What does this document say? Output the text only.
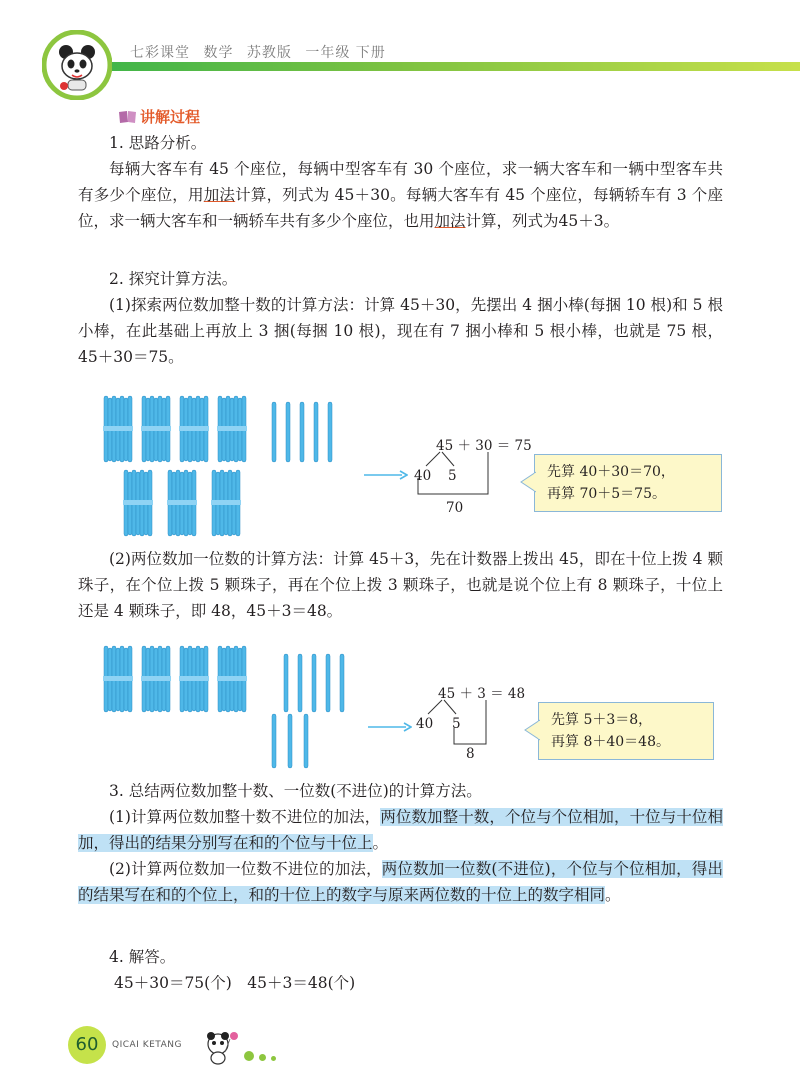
七彩课堂 数学 苏教版 一年级 下册
讲解过程

1. 思路分析。

每辆大客车有 45 个座位，每辆中型客车有 30 个座位，求一辆大客车和一辆中型客车共有多少个座位，用加法计算，列式为 45＋30。每辆大客车有 45 个座位，每辆轿车有 3 个座位，求一辆大客车和一辆轿车共有多少个座位，也用加法计算，列式为45＋3。

2. 探究计算方法。

(1)探索两位数加整十数的计算方法：计算 45＋30，先摆出 4 捆小棒(每捆 10 根)和 5 根小棒，在此基础上再放上 3 捆(每捆 10 根)，现在有 7 捆小棒和 5 根小棒，也就是 75 根，45＋30＝75。

45 ＋ 30 ＝ 75
40 5
70
先算 40＋30＝70，
再算 70＋5＝75。

(2)两位数加一位数的计算方法：计算 45＋3，先在计数器上拨出 45，即在十位上拨 4 颗珠子，在个位上拨 5 颗珠子，再在个位上拨 3 颗珠子，也就是说个位上有 8 颗珠子，十位上还是 4 颗珠子，即 48，45＋3＝48。

45 ＋ 3 ＝ 48
40 5
8
先算 5＋3＝8，
再算 8＋40＝48。

3. 总结两位数加整十数、一位数(不进位)的计算方法。

(1)计算两位数加整十数不进位的加法，两位数加整十数，个位与个位相加，十位与十位相加，得出的结果分别写在和的个位与十位上。

(2)计算两位数加一位数不进位的加法，两位数加一位数(不进位)，个位与个位相加，得出的结果写在和的个位上，和的十位上的数字与原来两位数的十位上的数字相同。

4. 解答。

45＋30＝75(个)　45＋3＝48(个)

60	QICAI KETANG
